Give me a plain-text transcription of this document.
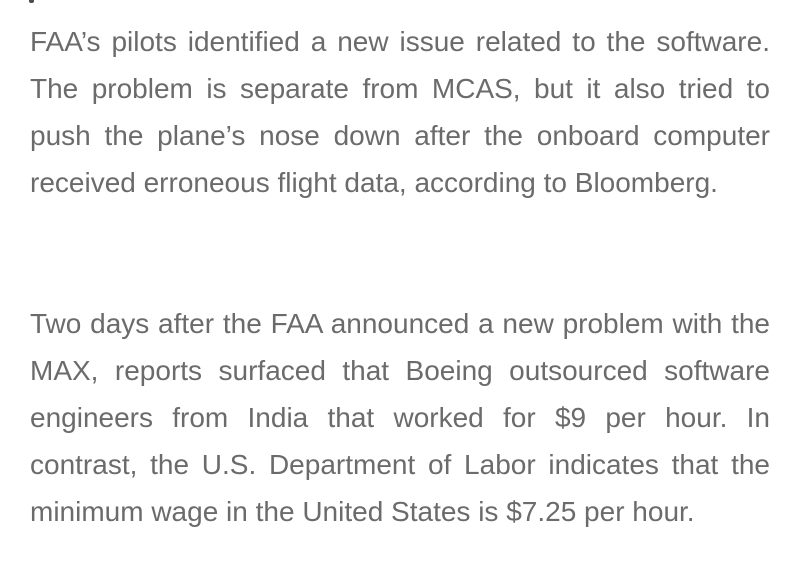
FAA’s pilots identified a new issue related to the software.
The problem is separate from MCAS, but it also tried to
push the plane’s nose down after the onboard computer
received erroneous flight data, according to Bloomberg.
Two days after the FAA announced a new problem with the
MAX, reports surfaced that Boeing outsourced software
engineers from India that worked for $9 per hour. In
contrast, the U.S. Department of Labor indicates that the
minimum wage in the United States is $7.25 per hour.
